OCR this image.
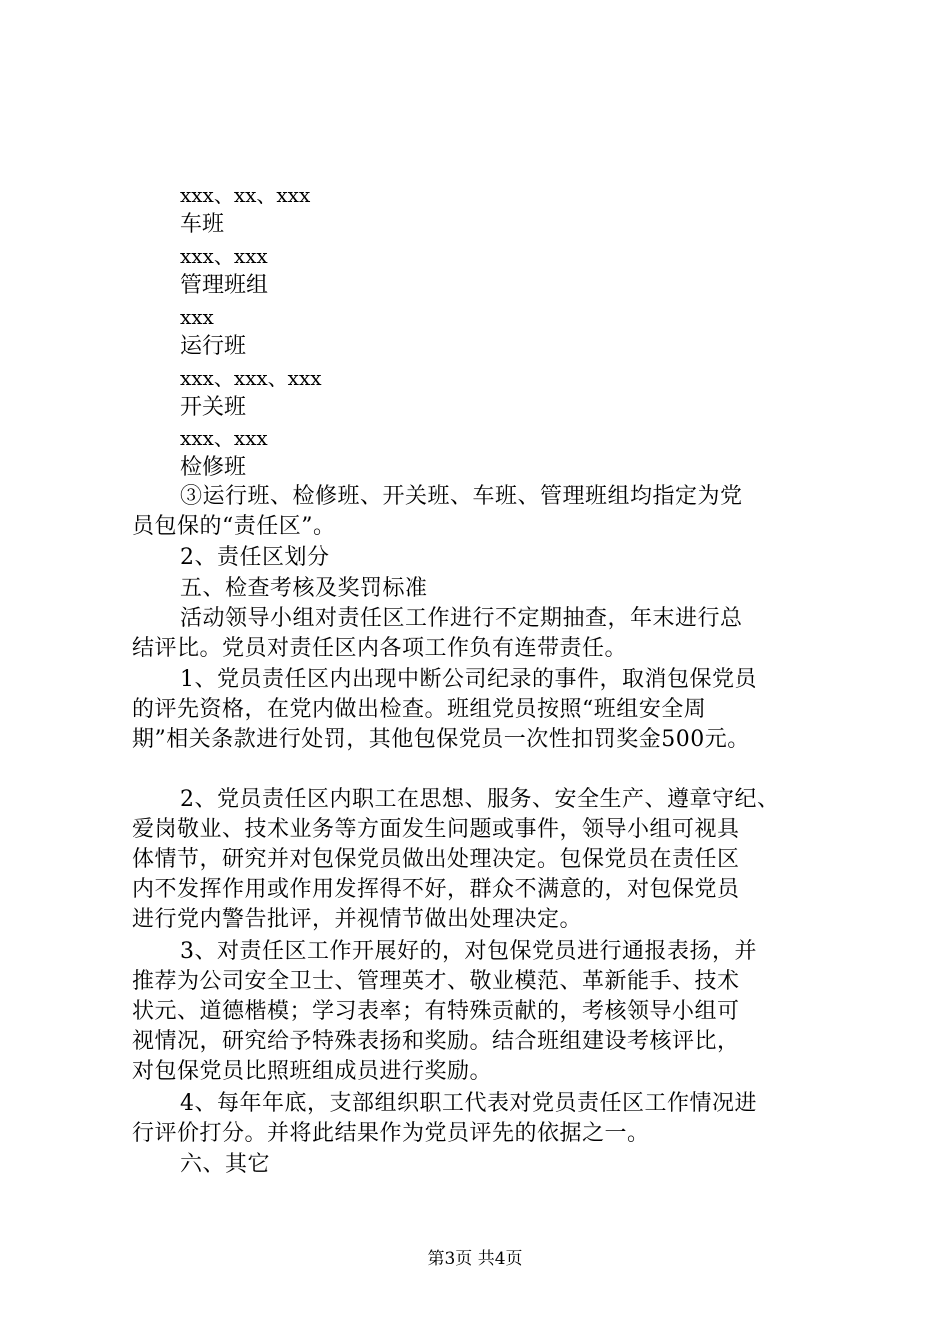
xxx、xx、xxx

车班

xxx、xxx

管理班组

xxx

运行班

xxx、xxx、xxx

开关班

xxx、xxx

检修班

③运行班、检修班、开关班、车班、管理班组均指定为党
员包保的“责任区”。
2、责任区划分
五、检查考核及奖罚标准
活动领导小组对责任区工作进行不定期抽查，年末进行总
结评比。党员对责任区内各项工作负有连带责任。
1、党员责任区内出现中断公司纪录的事件，取消包保党员
的评先资格，在党内做出检查。班组党员按照“班组安全周
期”相关条款进行处罚，其他包保党员一次性扣罚奖金500元。
2、党员责任区内职工在思想、服务、安全生产、遵章守纪、
爱岗敬业、技术业务等方面发生问题或事件，领导小组可视具
体情节，研究并对包保党员做出处理决定。包保党员在责任区
内不发挥作用或作用发挥得不好，群众不满意的，对包保党员
进行党内警告批评，并视情节做出处理决定。
3、对责任区工作开展好的，对包保党员进行通报表扬，并
推荐为公司安全卫士、管理英才、敬业模范、革新能手、技术
状元、道德楷模；学习表率；有特殊贡献的，考核领导小组可
视情况，研究给予特殊表扬和奖励。结合班组建设考核评比，
对包保党员比照班组成员进行奖励。
4、每年年底，支部组织职工代表对党员责任区工作情况进
行评价打分。并将此结果作为党员评先的依据之一。
六、其它
第3页 共4页
